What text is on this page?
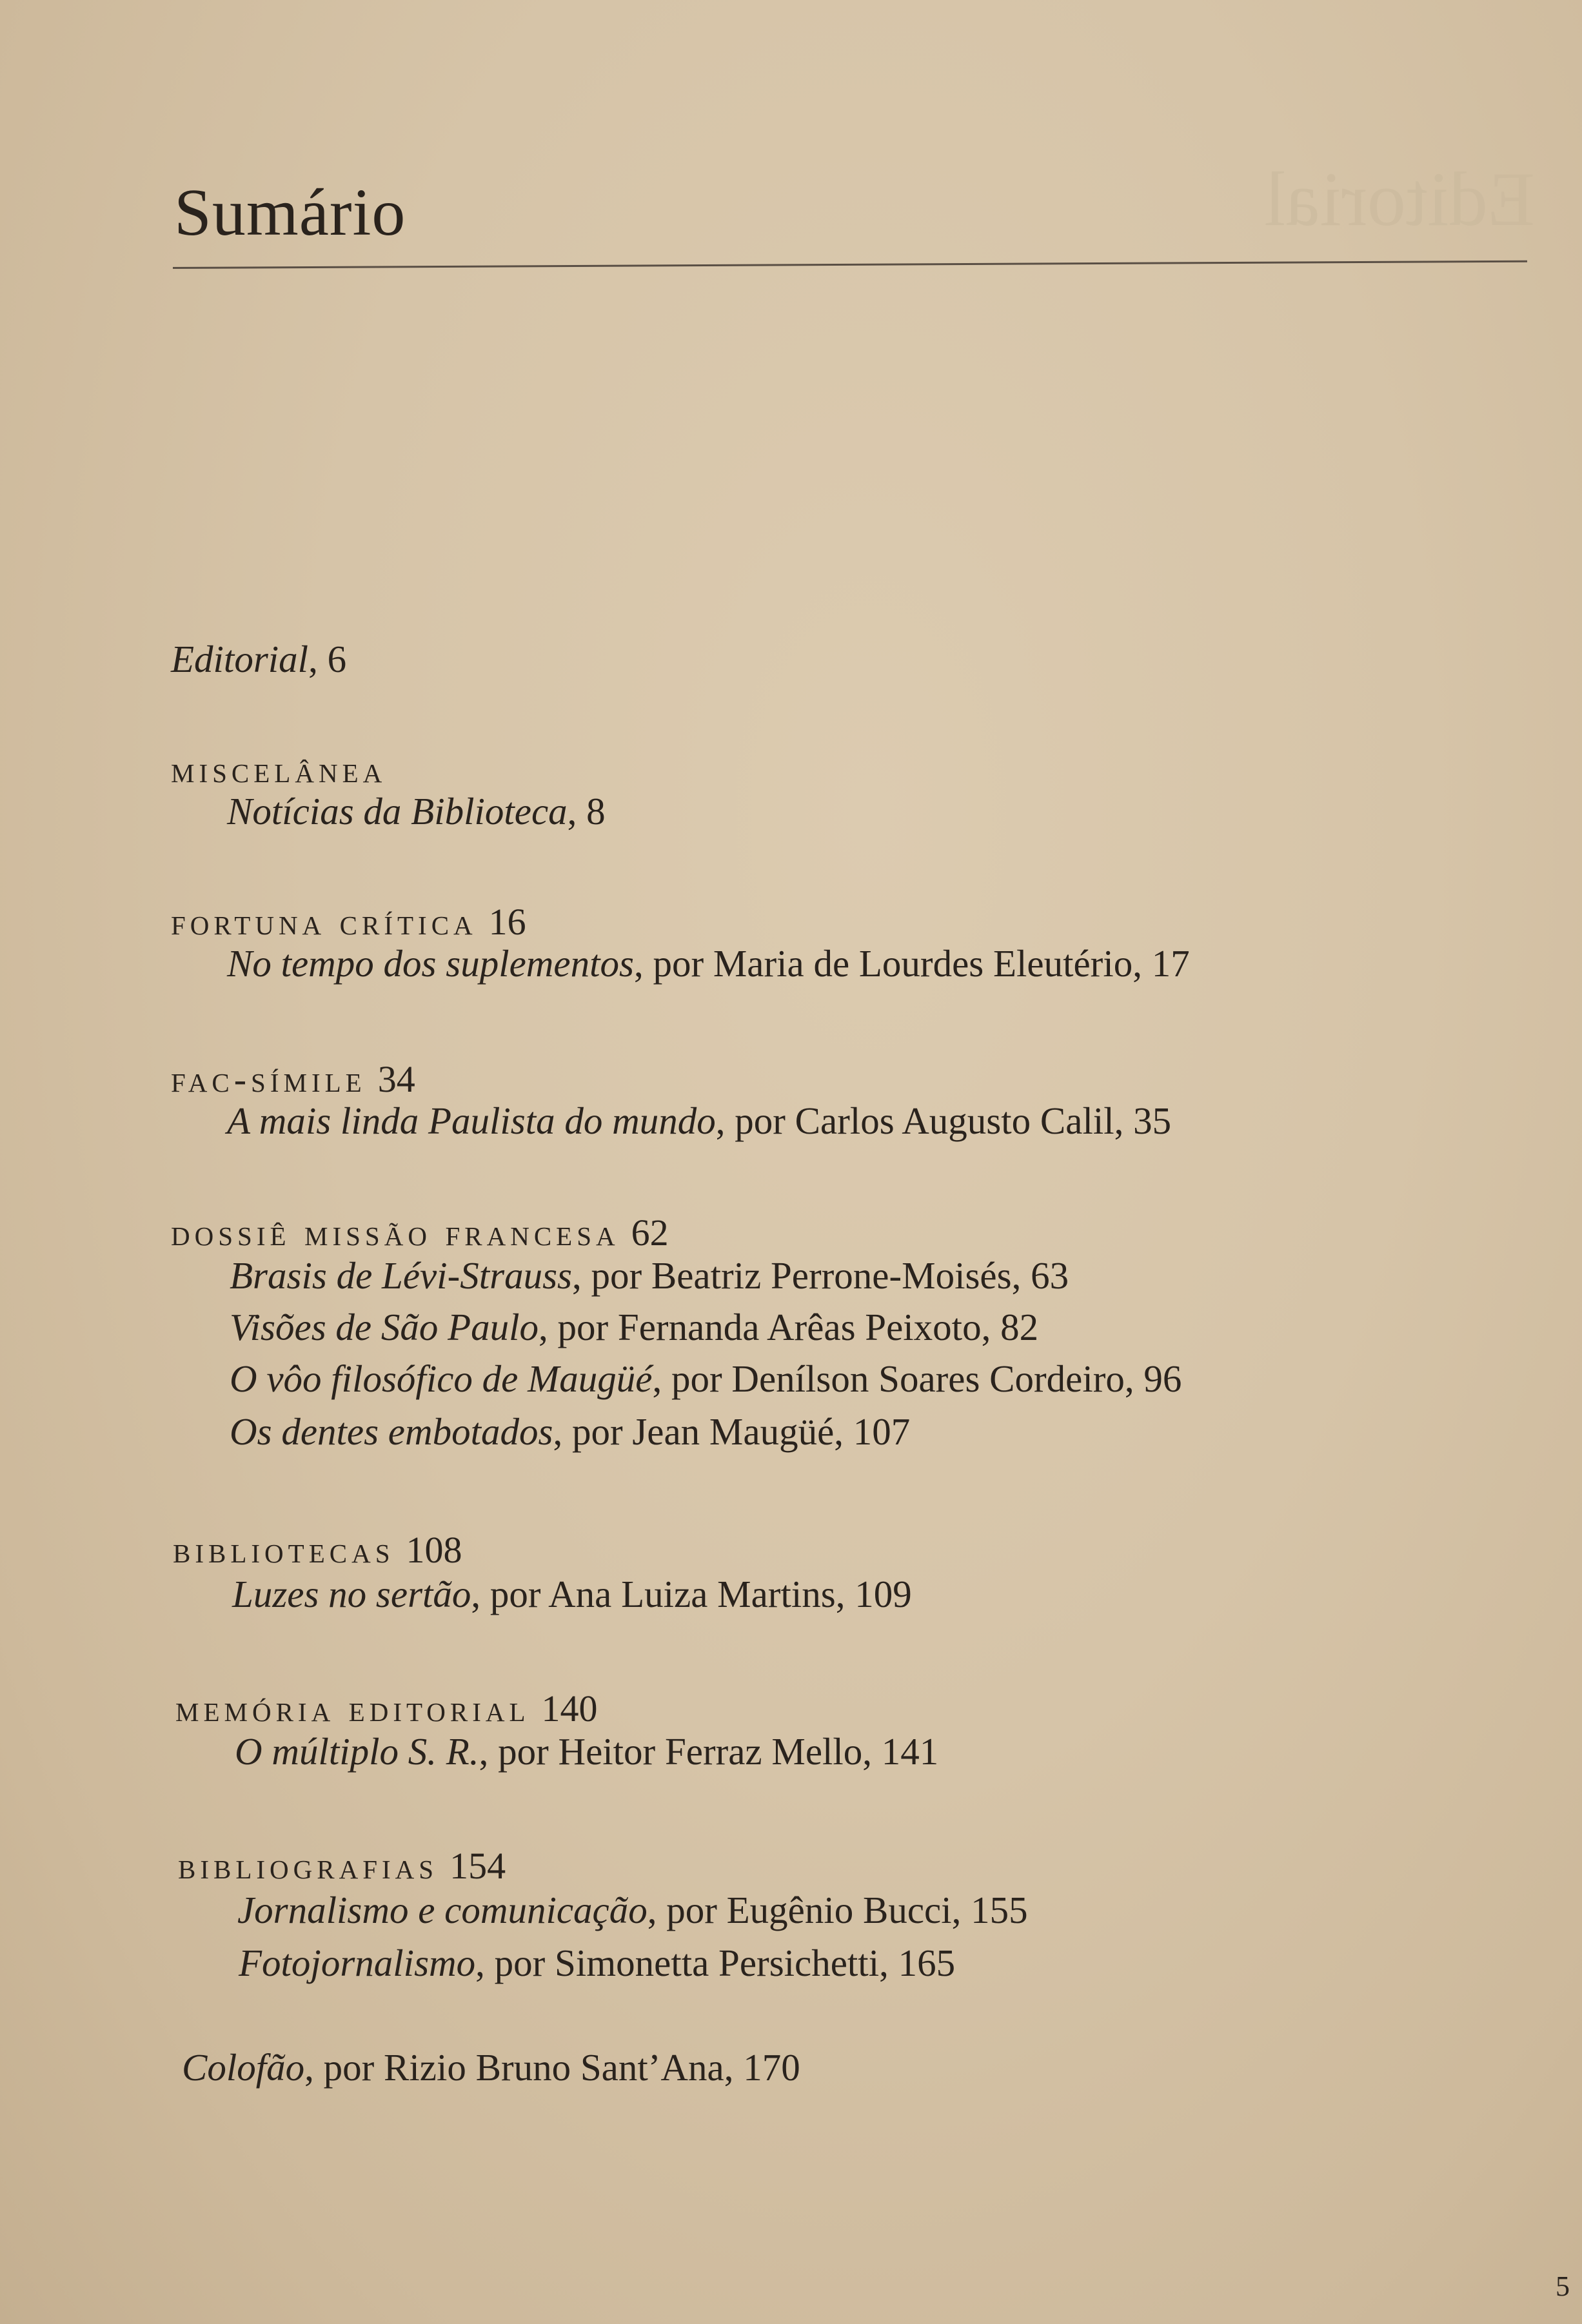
Editorial
Sumário
Editorial, 6
miscelânea
Notícias da Biblioteca, 8
fortuna crítica 16
No tempo dos suplementos, por Maria de Lourdes Eleutério, 17
fac-símile 34
A mais linda Paulista do mundo, por Carlos Augusto Calil, 35
dossiê missão francesa 62
Brasis de Lévi-Strauss, por Beatriz Perrone-Moisés, 63
Visões de São Paulo, por Fernanda Arêas Peixoto, 82
O vôo filosófico de Maugüé, por Denílson Soares Cordeiro, 96
Os dentes embotados, por Jean Maugüé, 107
bibliotecas 108
Luzes no sertão, por Ana Luiza Martins, 109
memória editorial 140
O múltiplo S. R., por Heitor Ferraz Mello, 141
bibliografias 154
Jornalismo e comunicação, por Eugênio Bucci, 155
Fotojornalismo, por Simonetta Persichetti, 165
Colofão, por Rizio Bruno Sant’Ana, 170
5
